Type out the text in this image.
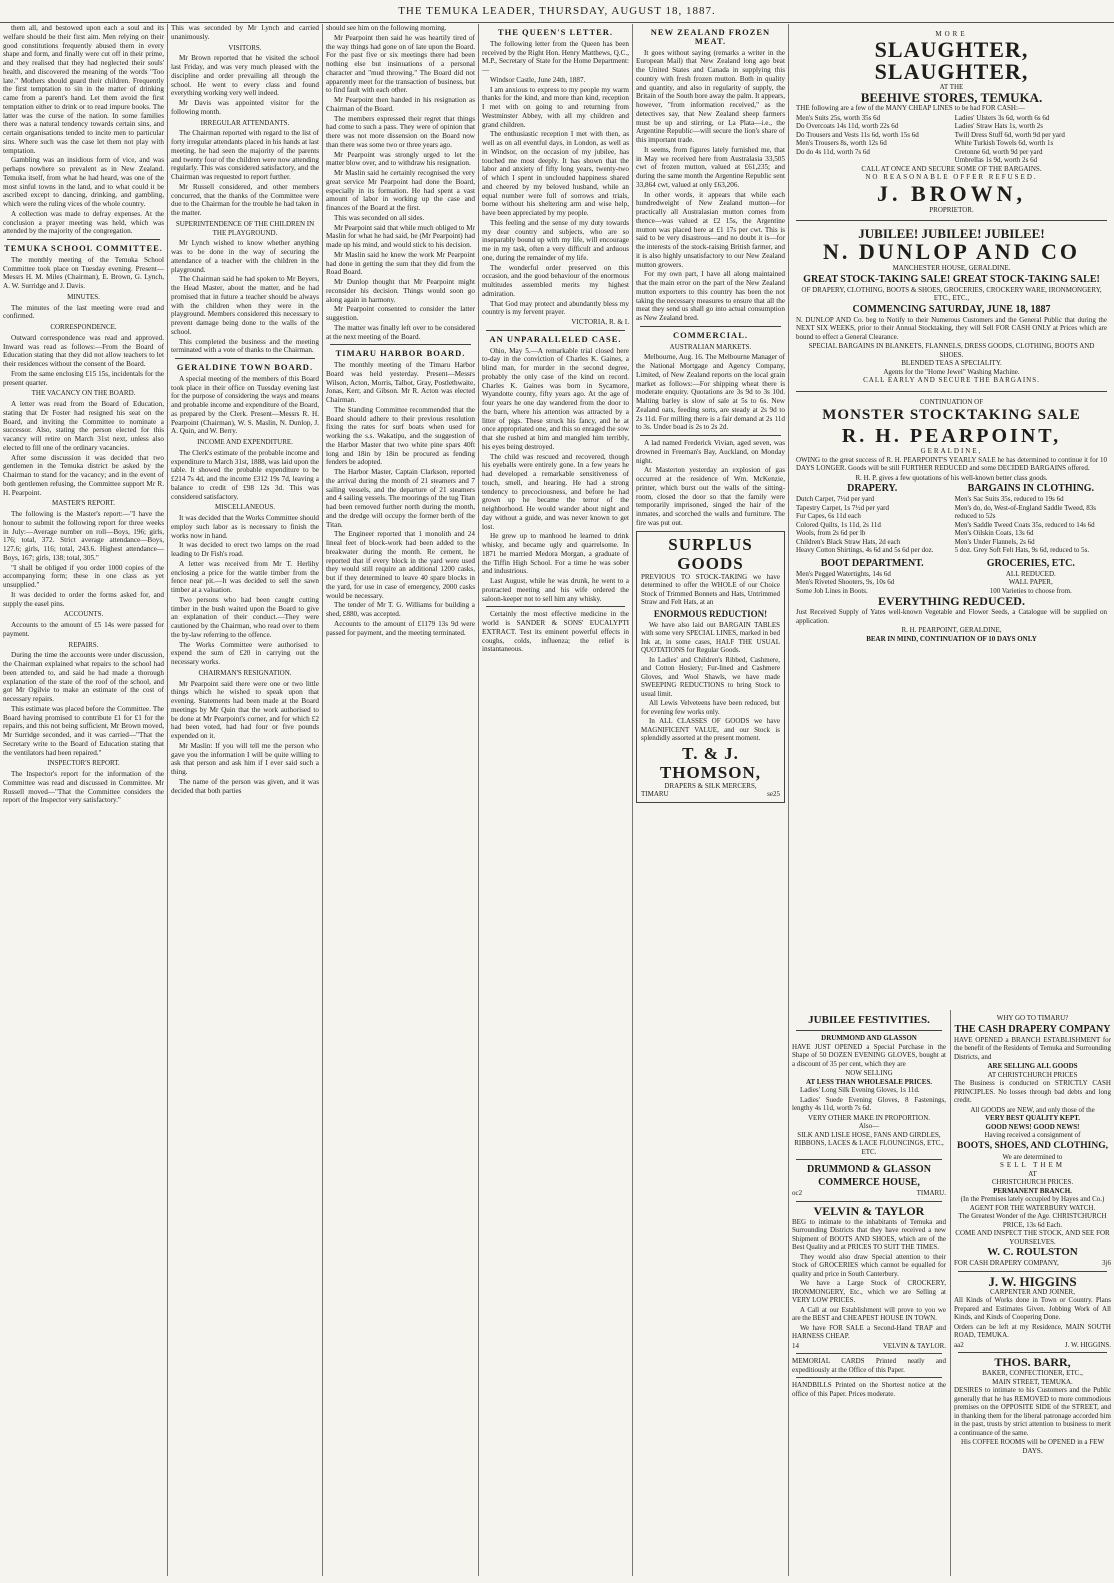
THE TEMUKA LEADER, THURSDAY, AUGUST 18, 1887.

them all, and bestowed upon each a soul and its welfare should be their first aim. Men relying on their good constitutions frequently abused them in every shape and form, and finally were cut off in their prime, and they realised that they had neglected their souls' health, and discovered the meaning of the words "Too late." Mothers should guard their children. Frequently the first temptation to sin in the matter of drinking came from a parent's hand. Let them avoid the first temptation either to drink or to read impure books. The latter was the curse of the nation. In some families there was a natural tendency towards certain sins, and certain organisations tended to incite men to particular sins. Where such was the case let them not play with temptation.

Gambling was an insidious form of vice, and was perhaps nowhere so prevalent as in New Zealand. Temuka itself, from what he had heard, was one of the most sinful towns in the land, and to what could it be ascribed except to dancing, drinking, and gambling, which were the ruling vices of the whole country.

A collection was made to defray expenses. At the conclusion a prayer meeting was held, which was attended by the majority of the congregation.

TEMUKA SCHOOL COMMITTEE.

The monthly meeting of the Temuka School Committee took place on Tuesday evening. Present—Messrs H. M. Miles (Chairman), E. Brown, G. Lynch, A. W. Surridge and J. Davis.

MINUTES.

The minutes of the last meeting were read and confirmed.

CORRESPONDENCE.

Outward correspondence was read and approved. Inward was read as follows:—From the Board of Education stating that they did not allow teachers to let their residences without the consent of the Board.

From the same enclosing £15 15s, incidentals for the present quarter.

THE VACANCY ON THE BOARD.

A letter was read from the Board of Education, stating that Dr Foster had resigned his seat on the Board, and inviting the Committee to nominate a successor. Also, stating the person elected for this vacancy will retire on March 31st next, unless also elected to fill one of the ordinary vacancies.

After some discussion it was decided that two gentlemen in the Temuka district be asked by the Chairman to stand for the vacancy; and in the event of both gentlemen refusing, the Committee support Mr R. H. Pearpoint.

MASTER'S REPORT.

The following is the Master's report:—"I have the honour to submit the following report for three weeks in July:—Average number on roll—Boys, 196; girls, 176; total, 372. Strict average attendance—Boys, 127.6; girls, 116; total, 243.6. Highest attendance—Boys, 167; girls, 138; total, 305."

"I shall be obliged if you order 1000 copies of the accompanying form; these in one class as yet unsupplied."

It was decided to order the forms asked for, and supply the easel pins.

ACCOUNTS.

Accounts to the amount of £5 14s were passed for payment.

REPAIRS.

During the time the accounts were under discussion, the Chairman explained what repairs to the school had been attended to, and said he had made a thorough explanation of the state of the roof of the school, and got Mr Ogilvie to make an estimate of the cost of necessary repairs.

This estimate was placed before the Committee. The Board having promised to contribute £1 for £1 for the repairs, and this not being sufficient, Mr Brown moved, Mr Surridge seconded, and it was carried—"That the Secretary write to the Board of Education stating that the ventilators had been repaired."

INSPECTOR'S REPORT.

The Inspector's report for the information of the Committee was read and discussed in Committee. Mr Russell moved—"That the Committee considers the report of the Inspector very satisfactory."

This was seconded by Mr Lynch and carried unanimously.

VISITORS.

Mr Brown reported that he visited the school last Friday, and was very much pleased with the discipline and order prevailing all through the school. He went to every class and found everything working very well indeed.

Mr Davis was appointed visitor for the following month.

IRREGULAR ATTENDANTS.

The Chairman reported with regard to the list of forty irregular attendants placed in his hands at last meeting, he had seen the majority of the parents and twenty four of the children were now attending regularly. This was considered satisfactory, and the Chairman was requested to report further.

Mr Russell considered, and other members concurred, that the thanks of the Committee were due to the Chairman for the trouble he had taken in the matter.

SUPERINTENDENCE OF THE CHILDREN IN THE PLAYGROUND.

Mr Lynch wished to know whether anything was to be done in the way of securing the attendance of a teacher with the children in the playground.

The Chairman said he had spoken to Mr Beyers, the Head Master, about the matter, and he had promised that in future a teacher should be always with the children when they were in the playground. Members considered this necessary to prevent damage being done to the walls of the school.

This completed the business and the meeting terminated with a vote of thanks to the Chairman.

GERALDINE TOWN BOARD.

A special meeting of the members of this Board took place in their office on Tuesday evening last for the purpose of considering the ways and means and probable income and expenditure of the Board, as prepared by the Clerk. Present—Messrs R. H. Pearpoint (Chairman), W. S. Maslin, N. Dunlop, J. A. Quin, and W. Berry.

INCOME AND EXPENDITURE.

The Clerk's estimate of the probable income and expenditure to March 31st, 1888, was laid upon the table. It showed the probable expenditure to be £214 7s 4d, and the income £312 19s 7d, leaving a balance to credit of £98 12s 3d. This was considered satisfactory.

MISCELLANEOUS.

It was decided that the Works Committee should employ such labor as is necessary to finish the works now in hand.

It was decided to erect two lamps on the road leading to Dr Fish's road.

A letter was received from Mr T. Herlihy enclosing a price for the wattle timber from the fence near pit.—It was decided to sell the sawn timber at a valuation.

Two persons who had been caught cutting timber in the bush waited upon the Board to give an explanation of their conduct.—They were cautioned by the Chairman, who read over to them the by-law referring to the offence.

The Works Committee were authorised to expend the sum of £20 in carrying out the necessary works.

CHAIRMAN'S RESIGNATION.

Mr Pearpoint said there were one or two little things which he wished to speak upon that evening. Statements had been made at the Board meetings by Mr Quin that the work authorised to be done at Mr Pearpoint's corner, and for which £2 had been voted, had had four or five pounds expended on it.

Mr Maslin: If you will tell me the person who gave you the information I will be quite willing to ask that person and ask him if I ever said such a thing.

The name of the person was given, and it was decided that both parties

should see him on the following morning.

Mr Pearpoint then said he was heartily tired of the way things had gone on of late upon the Board. For the past five or six meetings there had been nothing else but insinuations of a personal character and "mud throwing." The Board did not apparently meet for the transaction of business, but to find fault with each other.

Mr Pearpoint then handed in his resignation as Chairman of the Board.

The members expressed their regret that things had come to such a pass. They were of opinion that there was not more dissension on the Board now than there was some two or three years ago.

Mr Pearpoint was strongly urged to let the matter blow over, and to withdraw his resignation.

Mr Maslin said he certainly recognised the very great service Mr Pearpoint had done the Board, especially in its formation. He had spent a vast amount of labor in working up the case and finances of the Board at the first.

This was seconded on all sides.

Mr Pearpoint said that while much obliged to Mr Maslin for what he had said, he (Mr Pearpoint) had made up his mind, and would stick to his decision.

Mr Maslin said he knew the work Mr Pearpoint had done in getting the sum that they did from the Road Board.

Mr Dunlop thought that Mr Pearpoint might reconsider his decision. Things would soon go along again in harmony.

Mr Pearpoint consented to consider the latter suggestion.

The matter was finally left over to be considered at the next meeting of the Board.

TIMARU HARBOR BOARD.

The monthly meeting of the Timaru Harbor Board was held yesterday. Present—Messrs Wilson, Acton, Morris, Talbot, Gray, Postlethwaite, Jonas, Kerr, and Gibson. Mr R. Acton was elected Chairman.

The Standing Committee recommended that the Board should adhere to their previous resolution fixing the rates for surf boats when used for working the s.s. Wakatipu, and the suggestion of the Harbor Master that two white pine spars 40ft long and 18in by 18in be procured as fending fenders be adopted.

The Harbor Master, Captain Clarkson, reported the arrival during the month of 21 steamers and 7 sailing vessels, and the departure of 21 steamers and 4 sailing vessels. The moorings of the tug Titan had been removed further north during the month, and the dredge will occupy the former berth of the Titan.

The Engineer reported that 1 monolith and 24 lineal feet of block-work had been added to the breakwater during the month. Re cement, he reported that if every block in the yard were used they would still require an additional 1200 casks, but if they determined to leave 40 spare blocks in the yard, for use in case of emergency, 2000 casks would be necessary.

The tender of Mr T. G. Williams for building a shed, £880, was accepted.

Accounts to the amount of £1179 13s 9d were passed for payment, and the meeting terminated.

THE QUEEN'S LETTER.

The following letter from the Queen has been received by the Right Hon. Henry Matthews, Q.C., M.P., Secretary of State for the Home Department:—

Windsor Castle, June 24th, 1887.

I am anxious to express to my people my warm thanks for the kind, and more than kind, reception I met with on going to and returning from Westminster Abbey, with all my children and grand children.

The enthusiastic reception I met with then, as well as on all eventful days, in London, as well as in Windsor, on the occasion of my jubilee, has touched me most deeply. It has shown that the labor and anxiety of fifty long years, twenty-two of which I spent in unclouded happiness shared and cheered by my beloved husband, while an equal number were full of sorrows and trials, borne without his sheltering arm and wise help, have been appreciated by my people.

This feeling and the sense of my duty towards my dear country and subjects, who are so inseparably bound up with my life, will encourage me in my task, often a very difficult and arduous one, during the remainder of my life.

The wonderful order preserved on this occasion, and the good behaviour of the enormous multitudes assembled merits my highest admiration.

That God may protect and abundantly bless my country is my fervent prayer.

VICTORIA, R. & I.

AN UNPARALLELED CASE.

Ohio, May 5.—A remarkable trial closed here to-day in the conviction of Charles K. Gaines, a blind man, for murder in the second degree, probably the only case of the kind on record. Charles K. Gaines was born in Sycamore, Wyandotte county, fifty years ago. At the age of four years he one day wandered from the door to the barn, where his attention was attracted by a litter of pigs. These struck his fancy, and he at once appropriated one, and this so enraged the sow that she rushed at him and mangled him terribly, his eyes being destroyed.

The child was rescued and recovered, though his eyeballs were entirely gone. In a few years he had developed a remarkable sensitiveness of touch, smell, and hearing. He had a strong tendency to precociousness, and before he had grown up he became the terror of the neighborhood. He would wander about night and day without a guide, and was never known to get lost.

He grew up to manhood he learned to drink whisky, and became ugly and quarrelsome. In 1871 he married Medora Morgan, a graduate of the Tiffin High School. For a time he was sober and industrious.

Last August, while he was drunk, he went to a protracted meeting and his wife ordered the saloon-keeper not to sell him any whisky.

Certainly the most effective medicine in the world is SANDER & SONS' EUCALYPTI EXTRACT. Test its eminent powerful effects in coughs, colds, influenza; the relief is instantaneous.

NEW ZEALAND FROZEN MEAT.

It goes without saying (remarks a writer in the European Mail) that New Zealand long ago beat the United States and Canada in supplying this country with fresh frozen mutton. Both in quality and quantity, and also in regularity of supply, the Britain of the South bore away the palm. It appears, however, "from information received," as the detectives say, that New Zealand sheep farmers must be up and stirring, or La Plata—i.e., the Argentine Republic—will secure the lion's share of this important trade.

It seems, from figures lately furnished me, that in May we received here from Australasia 33,505 cwt of frozen mutton, valued at £61,235; and during the same month the Argentine Republic sent 33,864 cwt, valued at only £63,206.

In other words, it appears that while each hundredweight of New Zealand mutton—for practically all Australasian mutton comes from thence—was valued at £2 15s, the Argentine mutton was placed here at £1 17s per cwt. This is said to be very disastrous—and no doubt it is—for the interests of the stock-raising British farmer, and it is also highly unsatisfactory to our New Zealand mutton growers.

For my own part, I have all along maintained that the main error on the part of the New Zealand mutton exporters to this country has been the not taking the necessary measures to ensure that all the meat they send us shall go into actual consumption as New Zealand bred.

COMMERCIAL.
AUSTRALIAN MARKETS.

Melbourne, Aug. 16. The Melbourne Manager of the National Mortgage and Agency Company, Limited, of New Zealand reports on the local grain market as follows:—For shipping wheat there is moderate enquiry. Quotations are 3s 9d to 3s 10d. Malting barley is slow of sale at 5s to 6s. New Zealand oats, feeding sorts, are steady at 2s 9d to 2s 11d. For milling there is a fair demand at 2s 11d to 3s. Under boad is 2s to 2s 2d.

A lad named Frederick Vivian, aged seven, was drowned in Freeman's Bay, Auckland, on Monday night.

At Masterton yesterday an explosion of gas occurred at the residence of Wm. McKenzie, printer, which burst out the walls of the sitting-room, closed the door so that the family were temporarily imprisoned, singed the hair of the inmates, and scorched the walls and furniture. The fire was put out.

SURPLUS GOODS

PREVIOUS TO STOCK-TAKING we have determined to offer the WHOLE of our Choice Stock of Trimmed Bonnets and Hats, Untrimmed Straw and Felt Hats, at an

ENORMOUS REDUCTION!

We have also laid out BARGAIN TABLES with some very SPECIAL LINES, marked in bed Ink at, in some cases, HALF THE USUAL QUOTATIONS for Regular Goods.

In Ladies' and Children's Ribbed, Cashmere, and Cotton Hosiery; Fur-lined and Cashmere Gloves, and Wool Shawls, we have made SWEEPING REDUCTIONS to bring Stock to usual limit.

All Lewis Velveteens have been reduced, but for evening few works only.

In ALL CLASSES OF GOODS we have MAGNIFICENT VALUE, and our Stock is splendidly assorted at the present moment.

T. & J. THOMSON,
DRAPERS & SILK MERCERS,
TIMARU	se25
MORE
SLAUGHTER, SLAUGHTER,
AT THE
BEEHIVE STORES, TEMUKA.

THE following are a few of the MANY CHEAP LINES to be had FOR CASH:—

Men's Suits 25s, worth 35s 6d
Do Overcoats 14s 11d, worth 22s 6d
Do Trousers and Vests 11s 6d, worth 15s 6d
Men's Trousers 8s, worth 12s 6d
Do do 4s 11d, worth 7s 6d
Ladies' Ulsters 3s 6d, worth 6s 6d
Ladies' Straw Hats 1s, worth 2s
Twill Dress Stuff 6d, worth 9d per yard
White Turkish Towels 6d, worth 1s
Cretonne 6d, worth 9d per yard
Umbrellas 1s 9d, worth 2s 6d
CALL AT ONCE AND SECURE SOME OF THE BARGAINS.
NO REASONABLE OFFER REFUSED.
J. BROWN,
PROPRIETOR.
JUBILEE! JUBILEE! JUBILEE!
N. DUNLOP AND CO
MANCHESTER HOUSE, GERALDINE.
GREAT STOCK-TAKING SALE! GREAT STOCK-TAKING SALE!
OF DRAPERY, CLOTHING, BOOTS & SHOES, GROCERIES, CROCKERY WARE, IRONMONGERY, ETC., ETC.,
COMMENCING SATURDAY, JUNE 18, 1887

N. DUNLOP AND Co. beg to Notify to their Numerous Customers and the General Public that during the NEXT SIX WEEKS, prior to their Annual Stocktaking, they will Sell FOR CASH ONLY at Prices which are bound to effect a General Clearance.

SPECIAL BARGAINS IN BLANKETS, FLANNELS, DRESS GOODS, CLOTHING, BOOTS AND SHOES.
BLENDED TEAS A SPECIALITY.
Agents for the "Home Jewel" Washing Machine.
CALL EARLY AND SECURE THE BARGAINS.
CONTINUATION OF
MONSTER STOCKTAKING SALE
R. H. PEARPOINT,
GERALDINE,

OWING to the great success of R. H. PEARPOINT'S YEARLY SALE he has determined to continue it for 10 DAYS LONGER. Goods will be still FURTHER REDUCED and some DECIDED BARGAINS offered.

R. H. P. gives a few quotations of his well-known better class goods.
DRAPERY.
Dutch Carpet, 7½d per yard
Tapestry Carpet, 1s 7½d per yard
Fur Capes, 6s 11d each
Colored Quilts, 1s 11d, 2s 11d
Wools, from 2s 6d per lb
Children's Black Straw Hats, 2d each
Heavy Cotton Shirtings, 4s 6d and 5s 6d per doz.
BOOT DEPARTMENT.
Men's Pegged Watertights, 14s 6d
Men's Riveted Shooters, 9s, 10s 6d
Some Job Lines in Boots.
BARGAINS IN CLOTHING.
Men's Sac Suits 35s, reduced to 19s 6d
Men's do, do, West-of-England Saddle Tweed, 83s reduced to 52s
Men's Saddle Tweed Coats 35s, reduced to 14s 6d
Men's Oilskin Coats, 13s 6d
Men's Under Flannels, 2s 6d
5 doz. Grey Soft Felt Hats, 9s 6d, reduced to 5s.
GROCERIES, ETC.
ALL REDUCED.
WALL PAPER,
100 Varieties to choose from.
EVERYTHING REDUCED.

Just Received Supply of Yates well-known Vegetable and Flower Seeds, a Catalogue will be supplied on application.

R. H. PEARPOINT, GERALDINE,
BEAR IN MIND, CONTINUATION OF 10 DAYS ONLY
JUBILEE FESTIVITIES.
DRUMMOND AND GLASSON

HAVE JUST OPENED a Special Purchase in the Shape of 50 DOZEN EVENING GLOVES, bought at a discount of 35 per cent, which they are

NOW SELLING
AT LESS THAN WHOLESALE PRICES.

Ladies' Long Silk Evening Gloves, 1s 11d.

Ladies' Suede Evening Gloves, 8 Fastenings, lengthy 4s 11d, worth 7s 6d.

VERY OTHER MAKE IN PROPORTION.
Also—
SILK AND LISLE HOSE, FANS AND GIRDLES,
RIBBONS, LACES & LACE FLOUNCINGS, ETC., ETC.
DRUMMOND & GLASSON
COMMERCE HOUSE,
oc2	TIMARU.
VELVIN & TAYLOR

BEG to intimate to the inhabitants of Temuka and Surrounding Districts that they have received a new Shipment of BOOTS AND SHOES, which are of the Best Quality and at PRICES TO SUIT THE TIMES.

They would also draw Special attention to their Stock of GROCERIES which cannot be equalled for quality and price in South Canterbury.

We have a Large Stock of CROCKERY, IRONMONGERY, Etc., which we are Selling at VERY LOW PRICES.

A Call at our Establishment will prove to you we are the BEST and CHEAPEST HOUSE IN TOWN.

We have FOR SALE a Second-Hand TRAP and HARNESS CHEAP.

14	VELVIN & TAYLOR.

MEMORIAL CARDS Printed neatly and expeditiously at the Office of this Paper.

HANDBILLS Printed on the Shortest notice at the office of this Paper. Prices moderate.

WHY GO TO TIMARU?
THE CASH DRAPERY COMPANY

HAVE OPENED a BRANCH ESTABLISHMENT for the benefit of the Residents of Temuka and Surrounding Districts, and

ARE SELLING ALL GOODS
AT CHRISTCHURCH PRICES

The Business is conducted on STRICTLY CASH PRINCIPLES. No losses through bad debts and long credit.

All GOODS are NEW, and only those of the
VERY BEST QUALITY KEPT.
GOOD NEWS! GOOD NEWS!
Having received a consignment of
BOOTS, SHOES, AND CLOTHING,
We are determined to
SELL THEM
AT
CHRISTCHURCH PRICES.
PERMANENT BRANCH.
(In the Premises lately occupied by Hayes and Co.)
AGENT FOR THE WATERBURY WATCH.
The Greatest Wonder of the Age. CHRISTCHURCH PRICE, 13s 6d Each.
COME AND INSPECT THE STOCK, AND SEE FOR YOURSELVES.
W. C. ROULSTON
FOR CASH DRAPERY COMPANY,	3j6
J. W. HIGGINS
CARPENTER AND JOINER,

All Kinds of Works done in Town or Country. Plans Prepared and Estimates Given. Jobbing Work of All Kinds, and Kinds of Coopering Done.

Orders can be left at my Residence, MAIN SOUTH ROAD, TEMUKA.

aa2	J. W. HIGGINS.
THOS. BARR,
BAKER, CONFECTIONER, ETC.,
MAIN STREET, TEMUKA.

DESIRES to intimate to his Customers and the Public generally that he has REMOVED to more commodious premises on the OPPOSITE SIDE of the STREET, and in thanking them for the liberal patronage accorded him in the past, trusts by strict attention to business to merit a continuance of the same.

His COFFEE ROOMS will be OPENED in a FEW DAYS.
